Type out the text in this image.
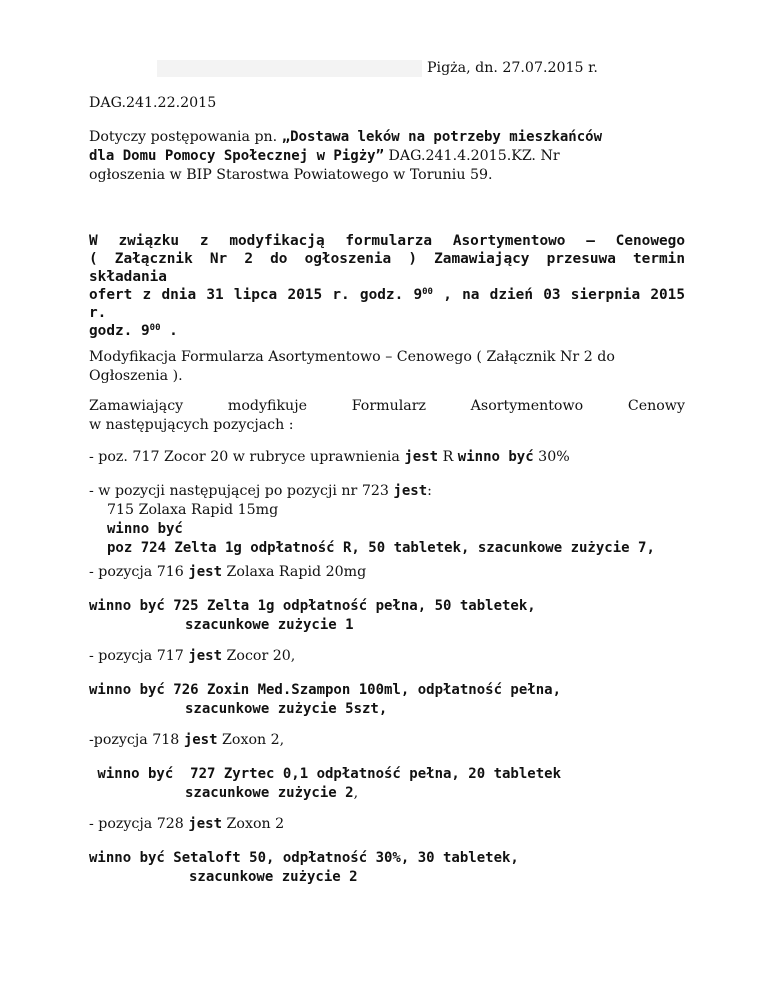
Pigża, dn. 27.07.2015 r.

DAG.241.22.2015

Dotyczy postępowania pn. „Dostawa leków na potrzeby mieszkańców

dla Domu Pomocy Społecznej w Pigży” DAG.241.4.2015.KZ. Nr

ogłoszenia w BIP Starostwa Powiatowego w Toruniu 59.

W związku z modyfikacją formularza Asortymentowo – Cenowego
( Załącznik Nr 2 do ogłoszenia ) Zamawiający przesuwa termin składania
ofert z dnia 31 lipca 2015 r. godz. $9^{00}$ ‚ na dzień 03 sierpnia 2015 r.
godz. $9^{00}$ .

Modyfikacja Formularza Asortymentowo – Cenowego ( Załącznik Nr 2 do

Ogłoszenia ).

Zamawiający	modyfikuje	Formularz	Asortymentowo	Cenowy

w następujących pozycjach :

- poz. 717 Zocor 20 w rubryce uprawnienia jest R winno być 30%

- w pozycji następującej po pozycji nr 723 jest:

715 Zolaxa Rapid 15mg

winno być

poz 724 Zelta 1g odpłatność R, 50 tabletek, szacunkowe zużycie 7,

- pozycja 716 jest Zolaxa Rapid 20mg

winno być 725 Zelta 1g odpłatność pełna, 50 tabletek,

szacunkowe zużycie 1

- pozycja 717 jest Zocor 20,

winno być 726 Zoxin Med.Szampon 100ml, odpłatność pełna,

szacunkowe zużycie 5szt,

-pozycja 718 jest Zoxon 2,

winno być  727 Zyrtec 0,1 odpłatność pełna, 20 tabletek

szacunkowe zużycie 2,

- pozycja 728 jest Zoxon 2

winno być Setaloft 50, odpłatność 30%, 30 tabletek,

szacunkowe zużycie 2
